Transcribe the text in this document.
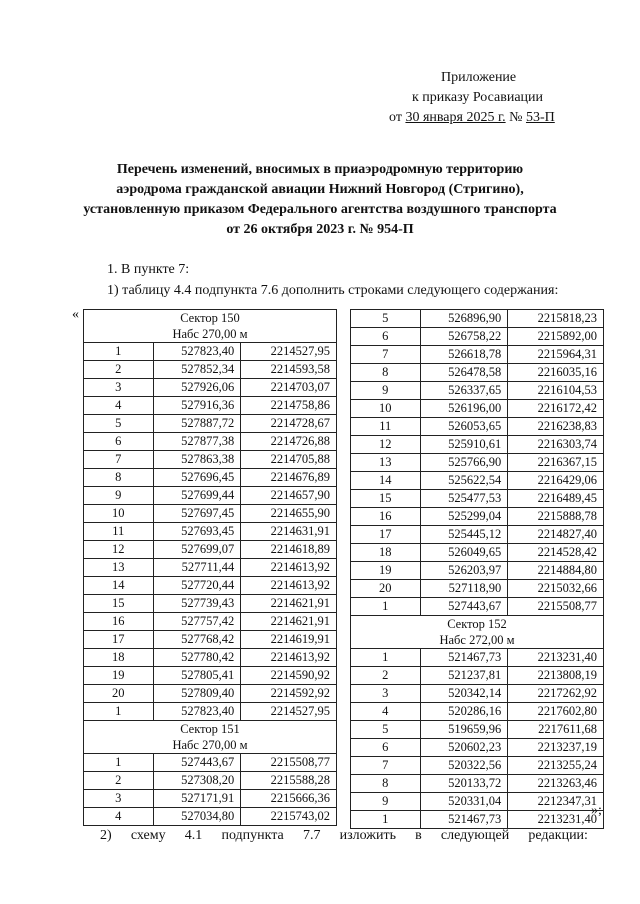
Приложение
к приказу Росавиации
от 30 января 2025 г. № 53-П
Перечень изменений, вносимых в приаэродромную территорию
аэродрома гражданской авиации Нижний Новгород (Стригино),
установленную приказом Федерального агентства воздушного транспорта
от 26 октября 2023 г. № 954-П
1. В пункте 7:
1) таблицу 4.4 подпункта 7.6 дополнить строками следующего содержания:
«
»;
Сектор 150
Набс 270,00 м		

1	527823,40	2214527,95
2	527852,34	2214593,58
3	527926,06	2214703,07
4	527916,36	2214758,86
5	527887,72	2214728,67
6	527877,38	2214726,88
7	527863,38	2214705,88
8	527696,45	2214676,89
9	527699,44	2214657,90
10	527697,45	2214655,90
11	527693,45	2214631,91
12	527699,07	2214618,89
13	527711,44	2214613,92
14	527720,44	2214613,92
15	527739,43	2214621,91
16	527757,42	2214621,91
17	527768,42	2214619,91
18	527780,42	2214613,92
19	527805,41	2214590,92
20	527809,40	2214592,92
1	527823,40	2214527,95

Сектор 151
Набс 270,00 м		

1	527443,67	2215508,77
2	527308,20	2215588,28
3	527171,91	2215666,36
4	527034,80	2215743,02
5	526896,90	2215818,23
6	526758,22	2215892,00
7	526618,78	2215964,31
8	526478,58	2216035,16
9	526337,65	2216104,53
10	526196,00	2216172,42
11	526053,65	2216238,83
12	525910,61	2216303,74
13	525766,90	2216367,15
14	525622,54	2216429,06
15	525477,53	2216489,45
16	525299,04	2215888,78
17	525445,12	2214827,40
18	526049,65	2214528,42
19	526203,97	2214884,80
20	527118,90	2215032,66
1	527443,67	2215508,77

Сектор 152
Набс 272,00 м		

1	521467,73	2213231,40
2	521237,81	2213808,19
3	520342,14	2217262,92
4	520286,16	2217602,80
5	519659,96	2217611,68
6	520602,23	2213237,19
7	520322,56	2213255,24
8	520133,72	2213263,46
9	520331,04	2212347,31
1	521467,73	2213231,40
2) схему 4.1 подпункта 7.7 изложить в следующей редакции:
